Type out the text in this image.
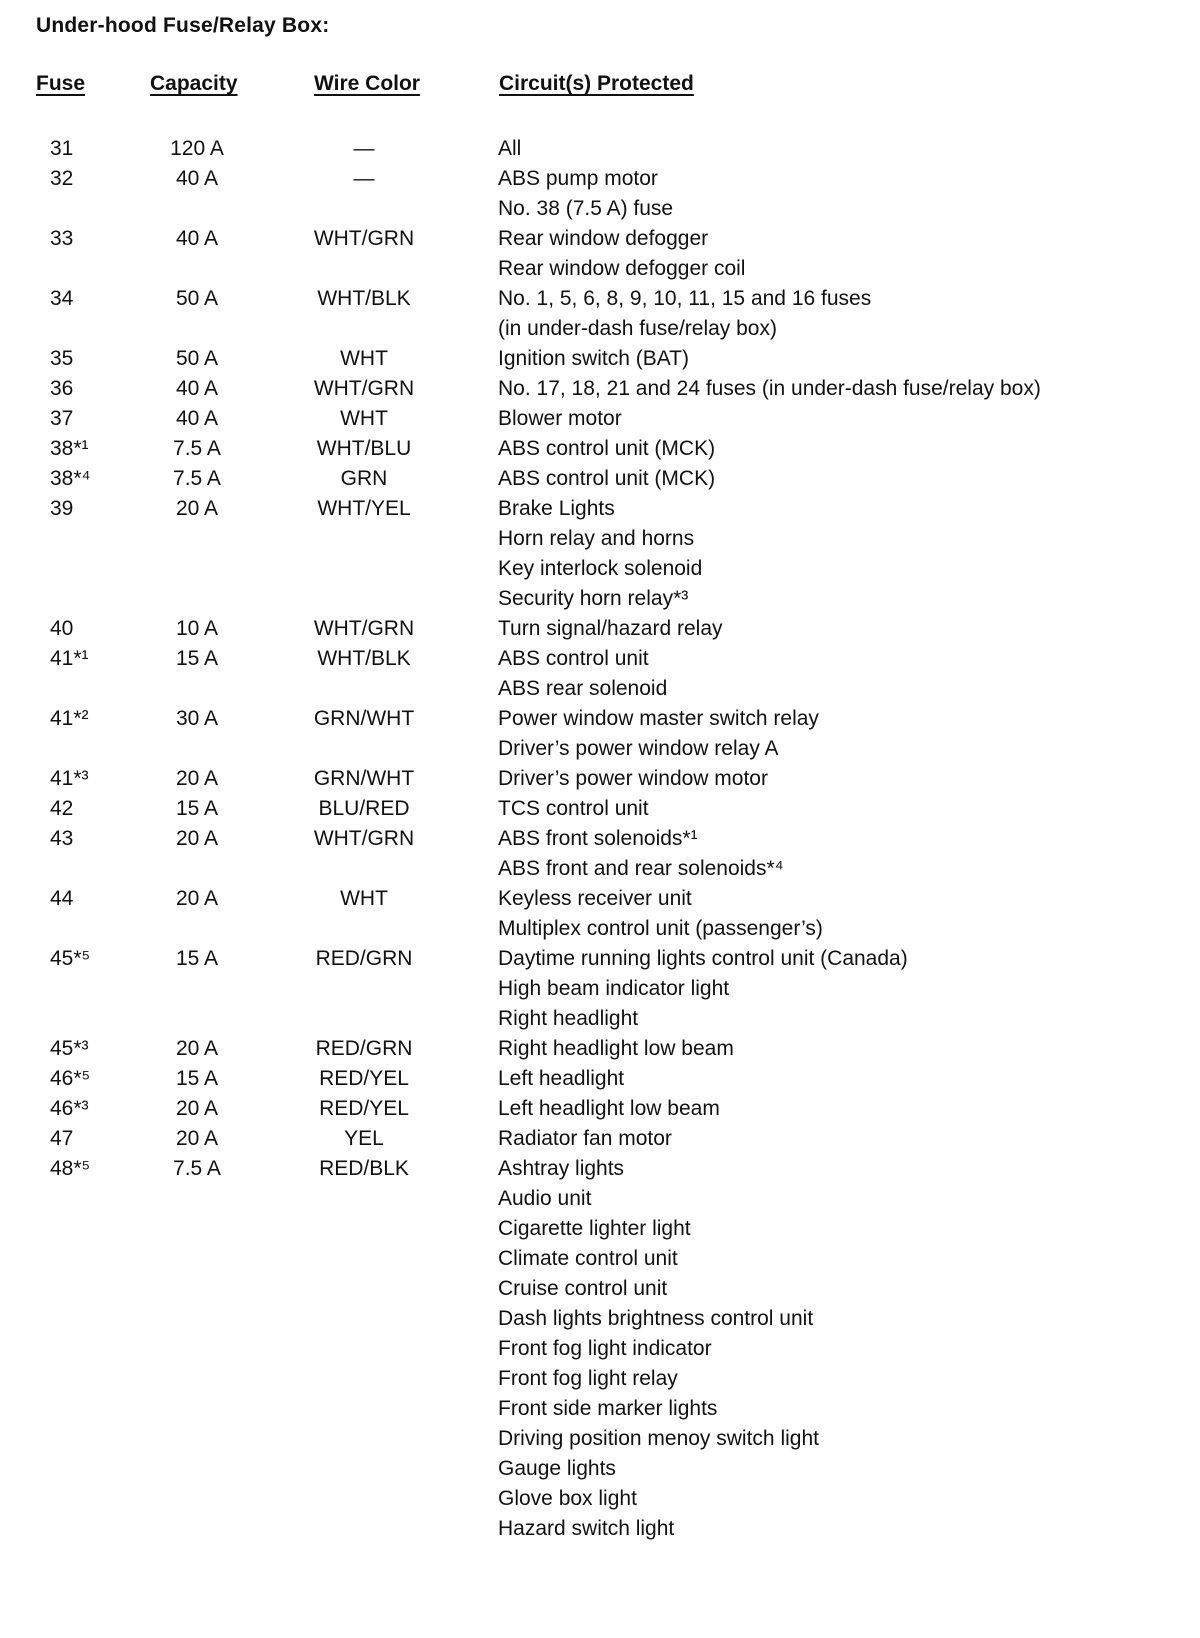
Under-hood Fuse/Relay Box:
Fuse	Capacity	Wire Color	Circuit(s) Protected
31	120 A	—	All
32	40 A	—	ABS pump motor
No. 38 (7.5 A) fuse
33	40 A	WHT/GRN	Rear window defogger
Rear window defogger coil
34	50 A	WHT/BLK	No. 1, 5, 6, 8, 9, 10, 11, 15 and 16 fuses
(in under-dash fuse/relay box)
35	50 A	WHT	Ignition switch (BAT)
36	40 A	WHT/GRN	No. 17, 18, 21 and 24 fuses (in under-dash fuse/relay box)
37	40 A	WHT	Blower motor
38*¹	7.5 A	WHT/BLU	ABS control unit (MCK)
38*⁴	7.5 A	GRN	ABS control unit (MCK)
39	20 A	WHT/YEL	Brake Lights
Horn relay and horns
Key interlock solenoid
Security horn relay*³
40	10 A	WHT/GRN	Turn signal/hazard relay
41*¹	15 A	WHT/BLK	ABS control unit
ABS rear solenoid
41*²	30 A	GRN/WHT	Power window master switch relay
Driver’s power window relay A
41*³	20 A	GRN/WHT	Driver’s power window motor
42	15 A	BLU/RED	TCS control unit
43	20 A	WHT/GRN	ABS front solenoids*¹
ABS front and rear solenoids*⁴
44	20 A	WHT	Keyless receiver unit
Multiplex control unit (passenger’s)
45*⁵	15 A	RED/GRN	Daytime running lights control unit (Canada)
High beam indicator light
Right headlight
45*³	20 A	RED/GRN	Right headlight low beam
46*⁵	15 A	RED/YEL	Left headlight
46*³	20 A	RED/YEL	Left headlight low beam
47	20 A	YEL	Radiator fan motor
48*⁵	7.5 A	RED/BLK	Ashtray lights
Audio unit
Cigarette lighter light
Climate control unit
Cruise control unit
Dash lights brightness control unit
Front fog light indicator
Front fog light relay
Front side marker lights
Driving position menoy switch light
Gauge lights
Glove box light
Hazard switch light
